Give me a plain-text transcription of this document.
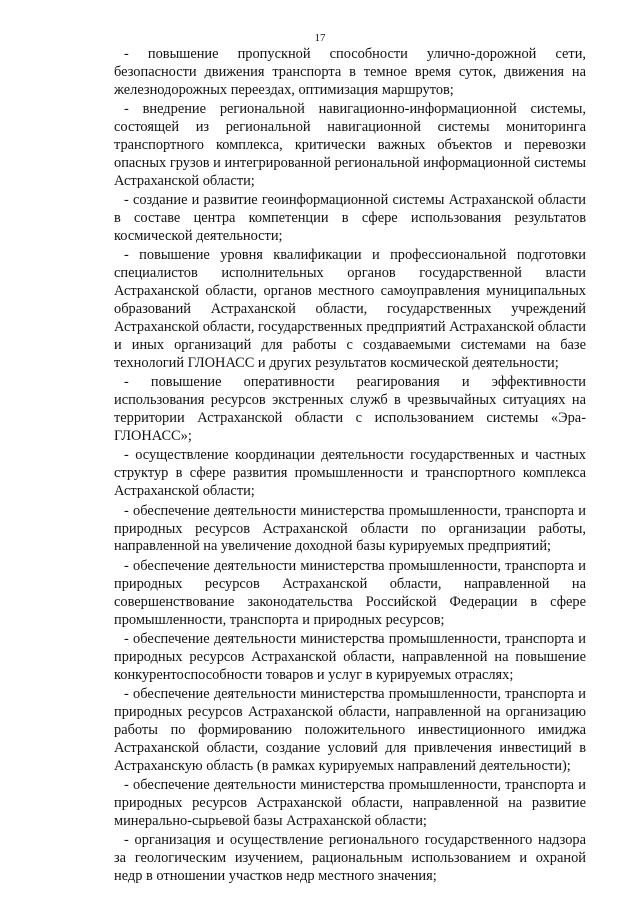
17

- повышение пропускной способности улично-дорожной сети, безопасности движения транспорта в темное время суток, движения на железнодорожных переездах, оптимизация маршрутов;

- внедрение региональной навигационно-информационной системы, состоящей из региональной навигационной системы мониторинга транспортного комплекса, критически важных объектов и перевозки опасных грузов и интегрированной региональной информационной системы Астраханской области;

- создание и развитие геоинформационной системы Астраханской области в составе центра компетенции в сфере использования результатов космической деятельности;

- повышение уровня квалификации и профессиональной подготовки специалистов исполнительных органов государственной власти Астраханской области, органов местного самоуправления муниципальных образований Астраханской области, государственных учреждений Астраханской области, государственных предприятий Астраханской области и иных организаций для работы с создаваемыми системами на базе технологий ГЛОНАСС и других результатов космической деятельности;

- повышение оперативности реагирования и эффективности использования ресурсов экстренных служб в чрезвычайных ситуациях на территории Астраханской области с использованием системы «Эра-ГЛОНАСС»;

- осуществление координации деятельности государственных и частных структур в сфере развития промышленности и транспортного комплекса Астраханской области;

- обеспечение деятельности министерства промышленности, транспорта и природных ресурсов Астраханской области по организации работы, направленной на увеличение доходной базы курируемых предприятий;

- обеспечение деятельности министерства промышленности, транспорта и природных ресурсов Астраханской области, направленной на совершенствование законодательства Российской Федерации в сфере промышленности, транспорта и природных ресурсов;

- обеспечение деятельности министерства промышленности, транспорта и природных ресурсов Астраханской области, направленной на повышение конкурентоспособности товаров и услуг в курируемых отраслях;

- обеспечение деятельности министерства промышленности, транспорта и природных ресурсов Астраханской области, направленной на организацию работы по формированию положительного инвестиционного имиджа Астраханской области, создание условий для привлечения инвестиций в Астраханскую область (в рамках курируемых направлений деятельности);

- обеспечение деятельности министерства промышленности, транспорта и природных ресурсов Астраханской области, направленной на развитие минерально-сырьевой базы Астраханской области;

- организация и осуществление регионального государственного надзора за геологическим изучением, рациональным использованием и охраной недр в отношении участков недр местного значения;
